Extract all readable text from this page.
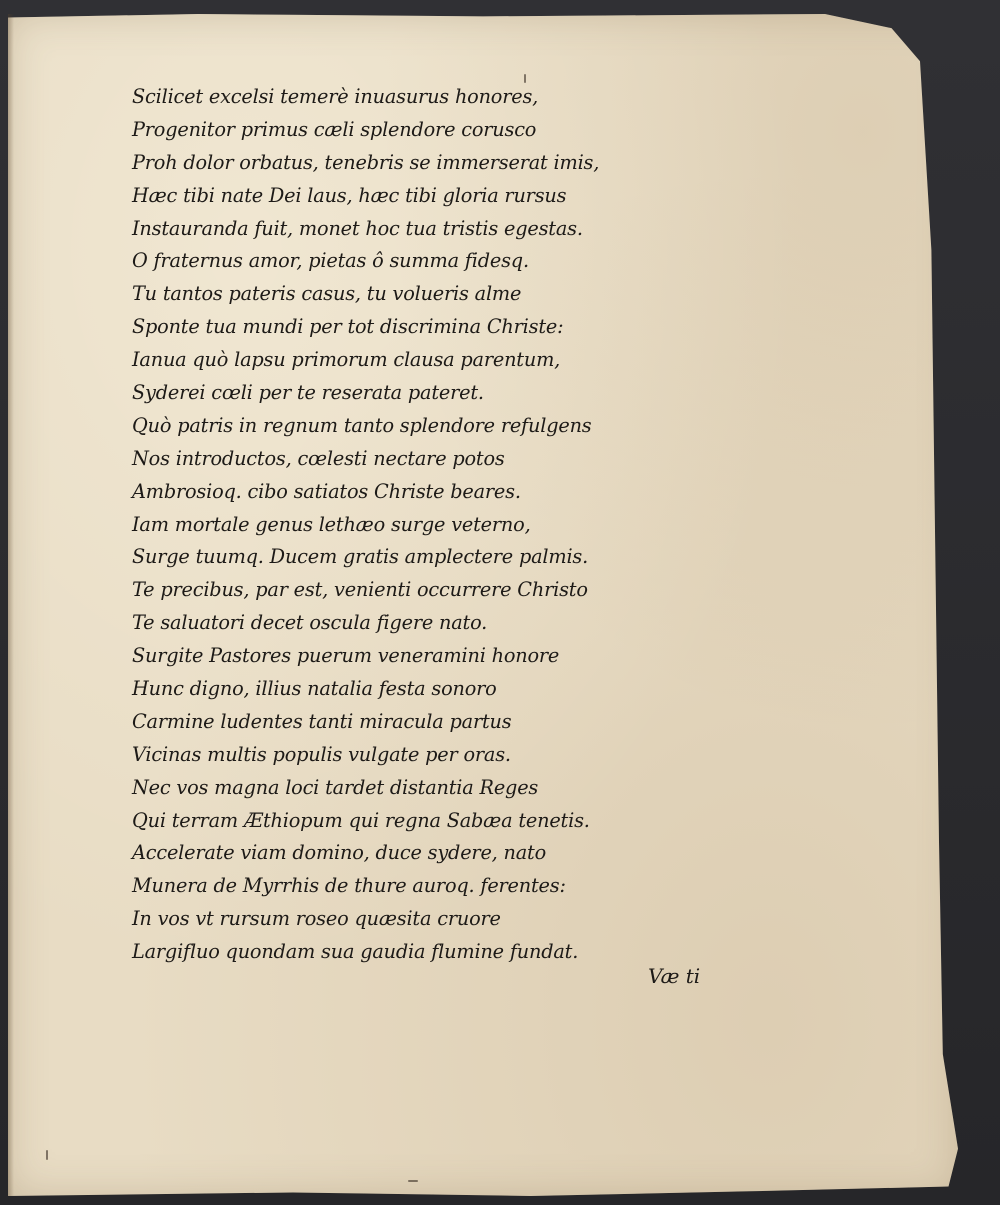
Scilicet excelsi temerè inuasurus honores,
Progenitor primus cæli splendore corusco
Proh dolor orbatus, tenebris se immerserat imis,
Hæc tibi nate Dei laus, hæc tibi gloria rursus
Instauranda fuit, monet hoc tua tristis egestas.
O fraternus amor, pietas ô summa fidesq.
Tu tantos pateris casus, tu volueris alme
Sponte tua mundi per tot discrimina Christe:
Ianua quò lapsu primorum clausa parentum,
Syderei cœli per te reserata pateret.
Quò patris in regnum tanto splendore refulgens
Nos introductos, cœlesti nectare potos
Ambrosioq. cibo satiatos Christe beares.
Iam mortale genus lethæo surge veterno,
Surge tuumq. Ducem gratis amplectere palmis.
Te precibus, par est, venienti occurrere Christo
Te saluatori decet oscula figere nato.
Surgite Pastores puerum veneramini honore
Hunc digno, illius natalia festa sonoro
Carmine ludentes tanti miracula partus
Vicinas multis populis vulgate per oras.
Nec vos magna loci tardet distantia Reges
Qui terram Æthiopum qui regna Sabæa tenetis.
Accelerate viam domino, duce sydere, nato
Munera de Myrrhis de thure auroq. ferentes:
In vos vt rursum roseo quæsita cruore
Largifluo quondam sua gaudia flumine fundat.
Væ ti
